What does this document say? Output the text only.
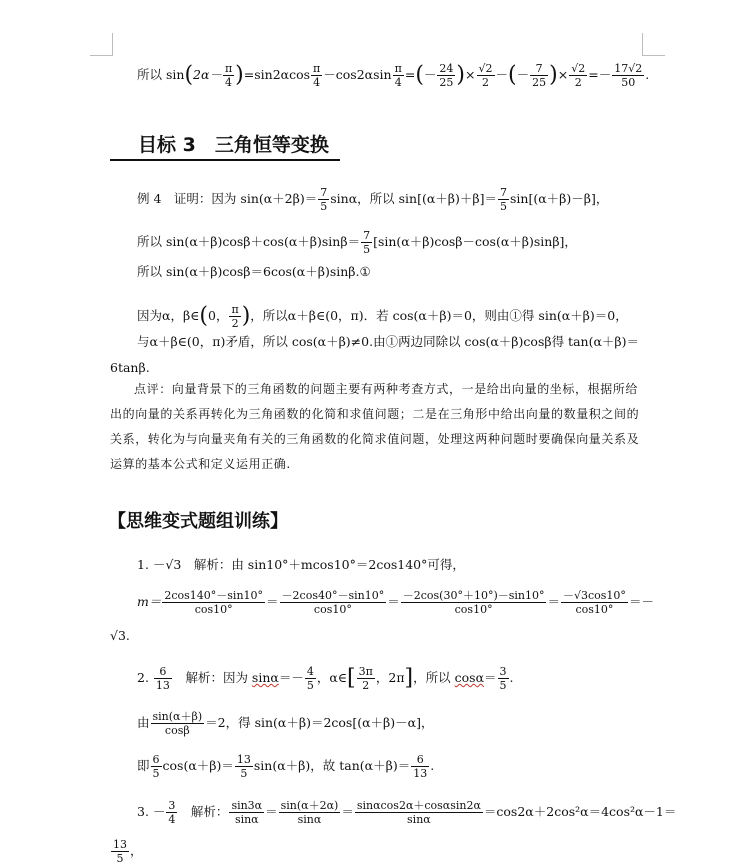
所以 $\sin(2\alpha- \frac{\pi}{4} )=\sin 2\alpha\cos \frac{\pi}{4} -\cos 2\alpha\sin \frac{\pi}{4}$ =(－ $\frac{24}{25}$ )× $\frac{√2}{2}$ －(－ $\frac{7}{25}$ )× $\frac{√2}{2} =- \frac{17√2}{50}$ .
目标 3　三角恒等变换
例 4　证明：因为 $\sin(\alpha+2\beta)= \frac{7}{5}$ sinα，所以 $\sin[(\alpha+\beta)+\beta]= \frac{7}{5} \sin[(\alpha+\beta)-\beta]$，
所以 $\sin(\alpha+\beta)\cos\beta+\cos(\alpha+\beta)\sin\beta= \frac{7}{5} [\sin(\alpha+\beta)\cos\beta-\cos(\alpha+\beta)\sin\beta]$，
所以 sin(α＋β)cosβ＝6cos(α＋β)sinβ.①
因为α，β∈(0， $\frac{\pi}{2}$ )，所以α＋β∈(0，π)．若 cos(α＋β)＝0，则由①得 sin(α＋β)＝0，
与α＋β∈(0，π)矛盾，所以 cos(α＋β)≠0.由①两边同除以 cos(α＋β)cosβ得 tan(α＋β)＝
6tanβ.
点评：向量背景下的三角函数的问题主要有两种考查方式，一是给出向量的坐标，根据所给出的向量的关系再转化为三角函数的化简和求值问题；二是在三角形中给出向量的数量积之间的关系，转化为与向量夹角有关的三角函数的化简求值问题，处理这两种问题时要确保向量关系及运算的基本公式和定义运用正确.
【思维变式题组训练】
1. －√3　解析：由 sin10°＋mcos10°＝2cos140°可得，
$m= \frac{2\cos 140^\circ-\sin 10^\circ}{\cos 10^\circ} = \frac{-2\cos 40^\circ-\sin 10^\circ}{\cos 10^\circ} = \frac{-2\cos(30^\circ+10^\circ)-\sin 10^\circ}{\cos 10^\circ} = \frac{-√3\cos 10^\circ}{\cos 10^\circ}$ ＝－
√3.
2. $\frac{6}{13}$
　 解析：因为 $\sin\alpha=- \frac{4}{5}$ ，α∈[ $\frac{3\pi}{2}$ ，2π]，所以 $\cos\alpha= \frac{3}{5}$ .
由 $\frac{\sin(\alpha+\beta)}{\cos\beta} =2$，得 sin(α＋β)＝2cos[(α＋β)－α]，
即 $\frac{6}{5} \cos(\alpha+\beta)= \frac{13}{5} \sin(\alpha+\beta)$，故 $\tan(\alpha+\beta)= \frac{6}{13}$ .
3. － $\frac{3}{4}$
　 解析： $\frac{\sin 3\alpha}{\sin\alpha} = \frac{\sin(\alpha+2\alpha)}{\sin\alpha} = \frac{\sin\alpha\cos 2\alpha+\cos\alpha\sin 2\alpha}{\sin\alpha} =\cos 2\alpha+2\cos^2\alpha=4\cos^2\alpha-1=$
$\frac{13}{5}$ ，
